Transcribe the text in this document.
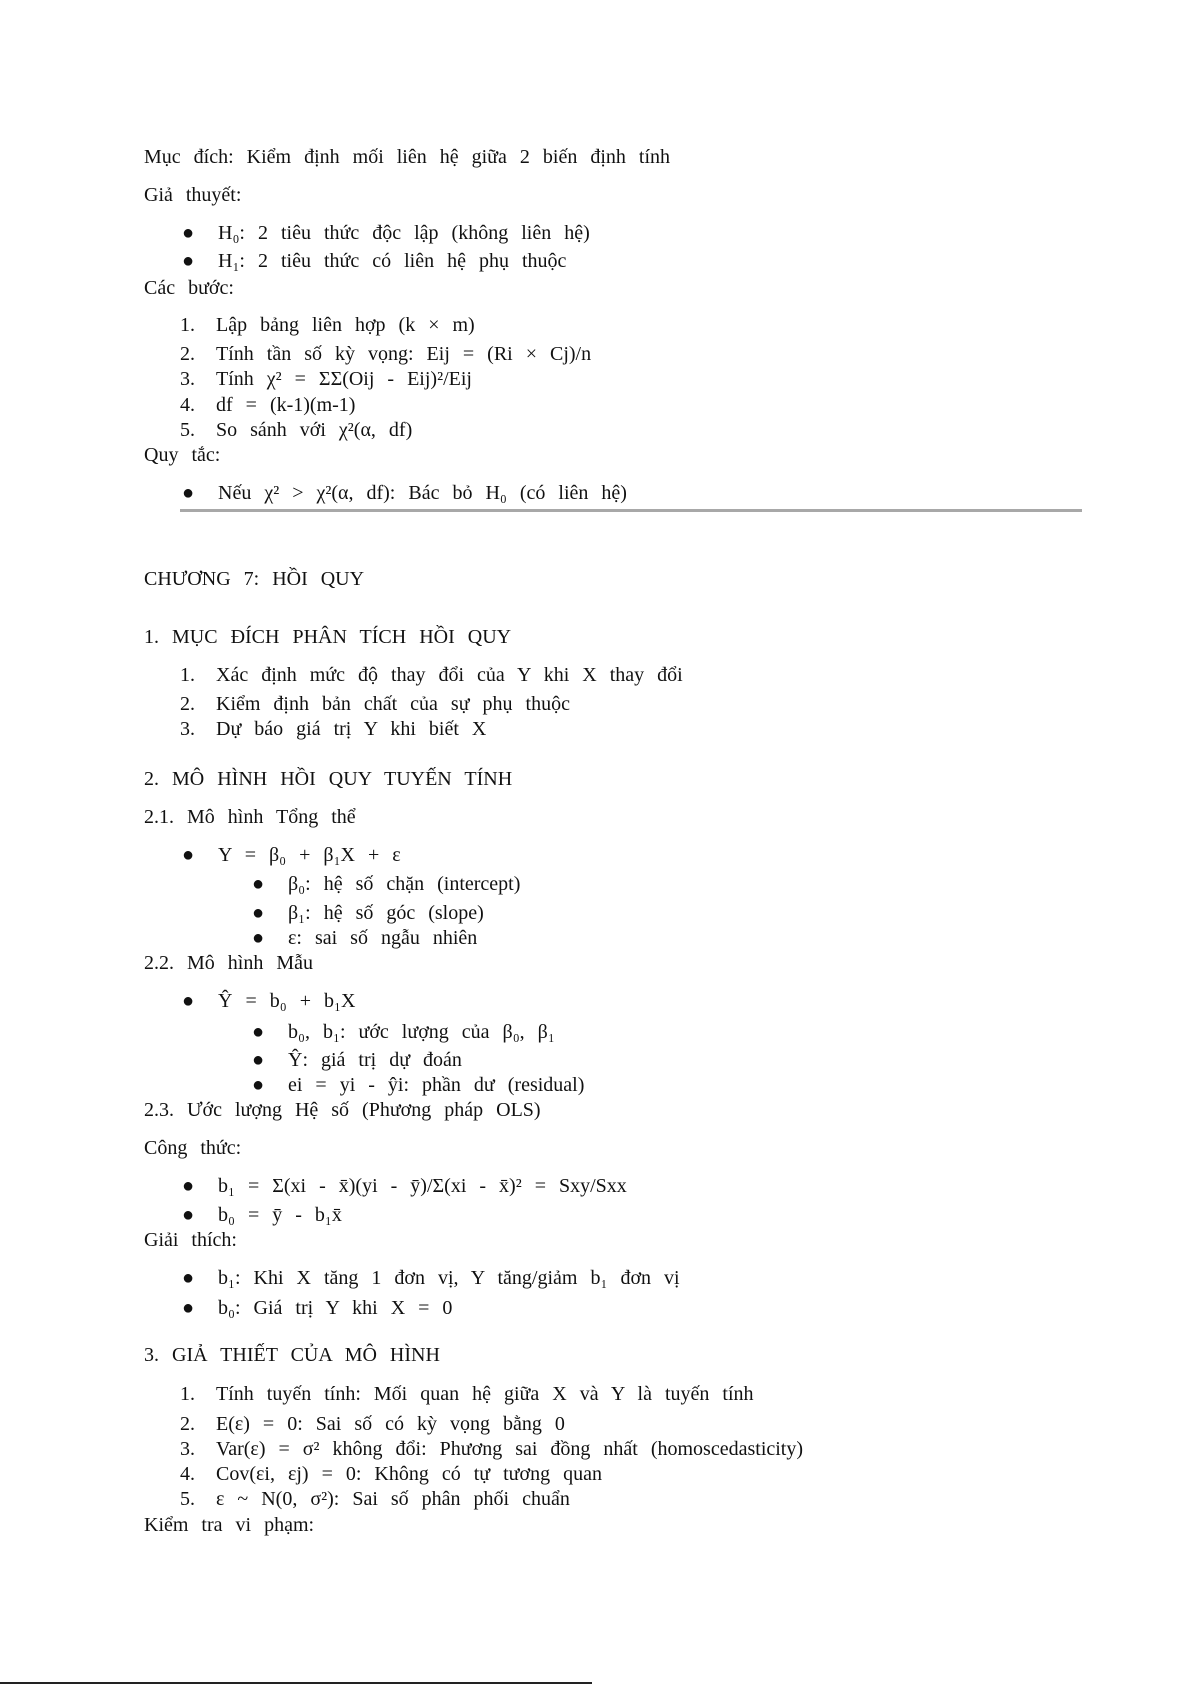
Mục đích: Kiểm định mối liên hệ giữa 2 biến định tính
Giả thuyết:
● H₀: 2 tiêu thức độc lập (không liên hệ)
● H₁: 2 tiêu thức có liên hệ phụ thuộc
Các bước:
1. Lập bảng liên hợp (k × m)
2. Tính tần số kỳ vọng: Eij = (Ri × Cj)/n
3. Tính χ² = ΣΣ(Oij - Eij)²/Eij
4. df = (k-1)(m-1)
5. So sánh với χ²(α, df)
Quy tắc:
● Nếu χ² > χ²(α, df): Bác bỏ H₀ (có liên hệ)
CHƯƠNG 7: HỒI QUY
1. MỤC ĐÍCH PHÂN TÍCH HỒI QUY
1. Xác định mức độ thay đổi của Y khi X thay đổi
2. Kiểm định bản chất của sự phụ thuộc
3. Dự báo giá trị Y khi biết X
2. MÔ HÌNH HỒI QUY TUYẾN TÍNH
2.1. Mô hình Tổng thể
● Y = β₀ + β₁X + ε
● β₀: hệ số chặn (intercept)
● β₁: hệ số góc (slope)
● ε: sai số ngẫu nhiên
2.2. Mô hình Mẫu
● Ŷ = b₀ + b₁X
● b₀, b₁: ước lượng của β₀, β₁
● Ŷ: giá trị dự đoán
● ei = yi - ŷi: phần dư (residual)
2.3. Ước lượng Hệ số (Phương pháp OLS)
Công thức:
● b₁ = Σ(xi - x̄)(yi - ȳ)/Σ(xi - x̄)² = Sxy/Sxx
● b₀ = ȳ - b₁x̄
Giải thích:
● b₁: Khi X tăng 1 đơn vị, Y tăng/giảm b₁ đơn vị
● b₀: Giá trị Y khi X = 0
3. GIẢ THIẾT CỦA MÔ HÌNH
1. Tính tuyến tính: Mối quan hệ giữa X và Y là tuyến tính
2. E(ε) = 0: Sai số có kỳ vọng bằng 0
3. Var(ε) = σ² không đổi: Phương sai đồng nhất (homoscedasticity)
4. Cov(εi, εj) = 0: Không có tự tương quan
5. ε ~ N(0, σ²): Sai số phân phối chuẩn
Kiểm tra vi phạm:
